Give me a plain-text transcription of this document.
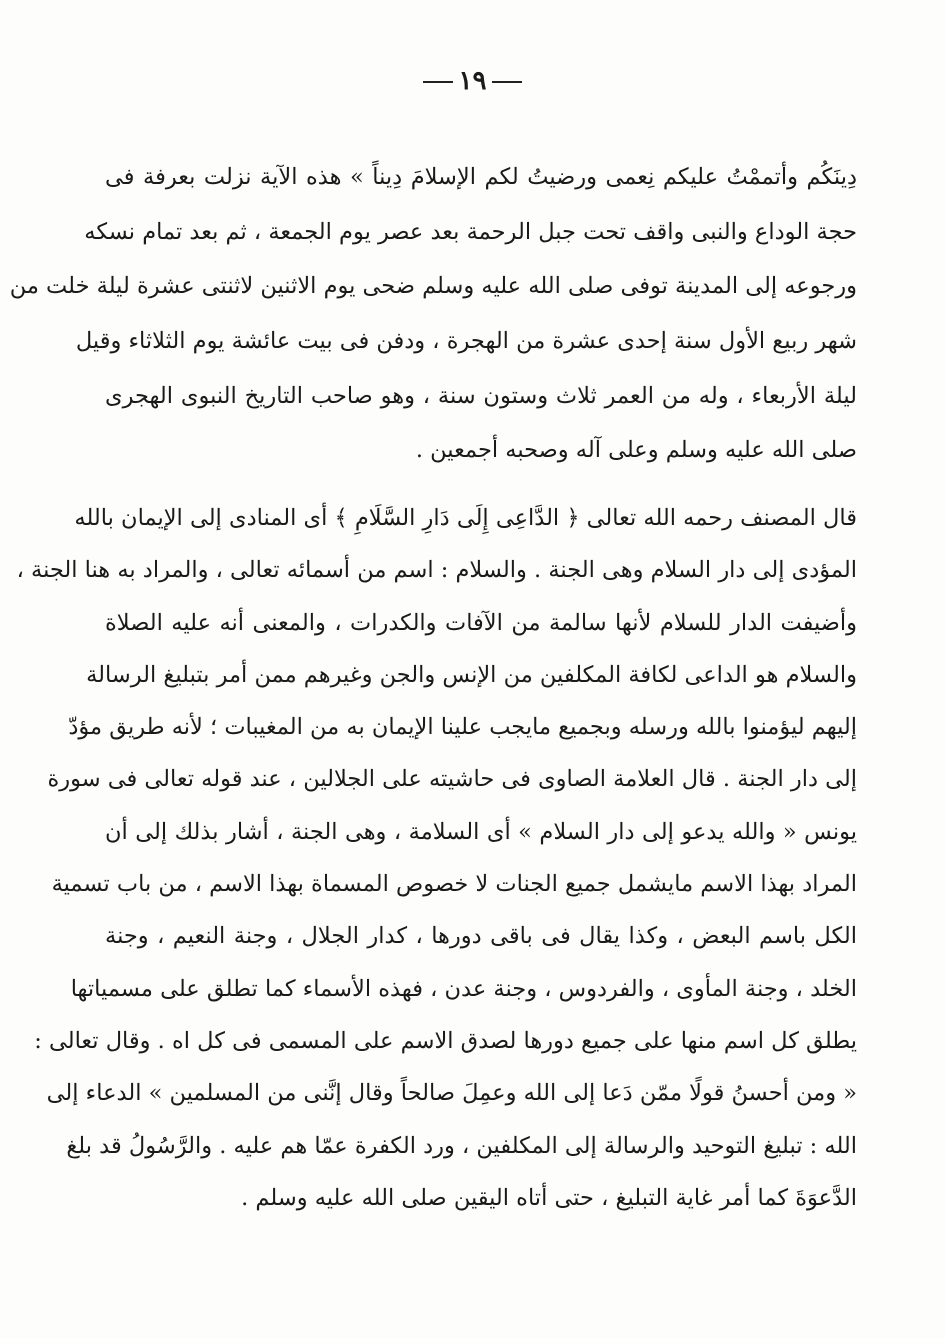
١٩
دِينَكُم وأتممْتُ عليكم نِعمى ورضيتُ لكم الإسلامَ دِيناً » هذه الآية نزلت بعرفة فى
حجة الوداع والنبى واقف تحت جبل الرحمة بعد عصر يوم الجمعة ، ثم بعد تمام نسكه
ورجوعه إلى المدينة توفى صلى الله عليه وسلم ضحى يوم الاثنين لاثنتى عشرة ليلة خلت من
شهر ربيع الأول سنة إحدى عشرة من الهجرة ، ودفن فى بيت عائشة يوم الثلاثاء وقيل
ليلة الأربعاء ، وله من العمر ثلاث وستون سنة ، وهو صاحب التاريخ النبوى الهجرى
صلى الله عليه وسلم وعلى آله وصحبه أجمعين .
قال المصنف رحمه الله تعالى ﴿ الدَّاعِى إِلَى دَارِ السَّلَامِ ﴾ أى المنادى إلى الإيمان بالله
المؤدى إلى دار السلام وهى الجنة . والسلام : اسم من أسمائه تعالى ، والمراد به هنا الجنة ،
وأضيفت الدار للسلام لأنها سالمة من الآفات والكدرات ، والمعنى أنه عليه الصلاة
والسلام هو الداعى لكافة المكلفين من الإنس والجن وغيرهم ممن أمر بتبليغ الرسالة
إليهم ليؤمنوا بالله ورسله وبجميع مايجب علينا الإيمان به من المغيبات ؛ لأنه طريق مؤدّ
إلى دار الجنة . قال العلامة الصاوى فى حاشيته على الجلالين ، عند قوله تعالى فى سورة
يونس « والله يدعو إلى دار السلام » أى السلامة ، وهى الجنة ، أشار بذلك إلى أن
المراد بهذا الاسم مايشمل جميع الجنات لا خصوص المسماة بهذا الاسم ، من باب تسمية
الكل باسم البعض ، وكذا يقال فى باقى دورها ، كدار الجلال ، وجنة النعيم ، وجنة
الخلد ، وجنة المأوى ، والفردوس ، وجنة عدن ، فهذه الأسماء كما تطلق على مسمياتها
يطلق كل اسم منها على جميع دورها لصدق الاسم على المسمى فى كل اه . وقال تعالى :
« ومن أحسنُ قولًا ممّن دَعا إلى الله وعمِلَ صالحاً وقال إنَّنى من المسلمين » الدعاء إلى
الله : تبليغ التوحيد والرسالة إلى المكلفين ، ورد الكفرة عمّا هم عليه . والرَّسُولُ قد بلغ
الدَّعوَةَ كما أمر غاية التبليغ ، حتى أتاه اليقين صلى الله عليه وسلم .
